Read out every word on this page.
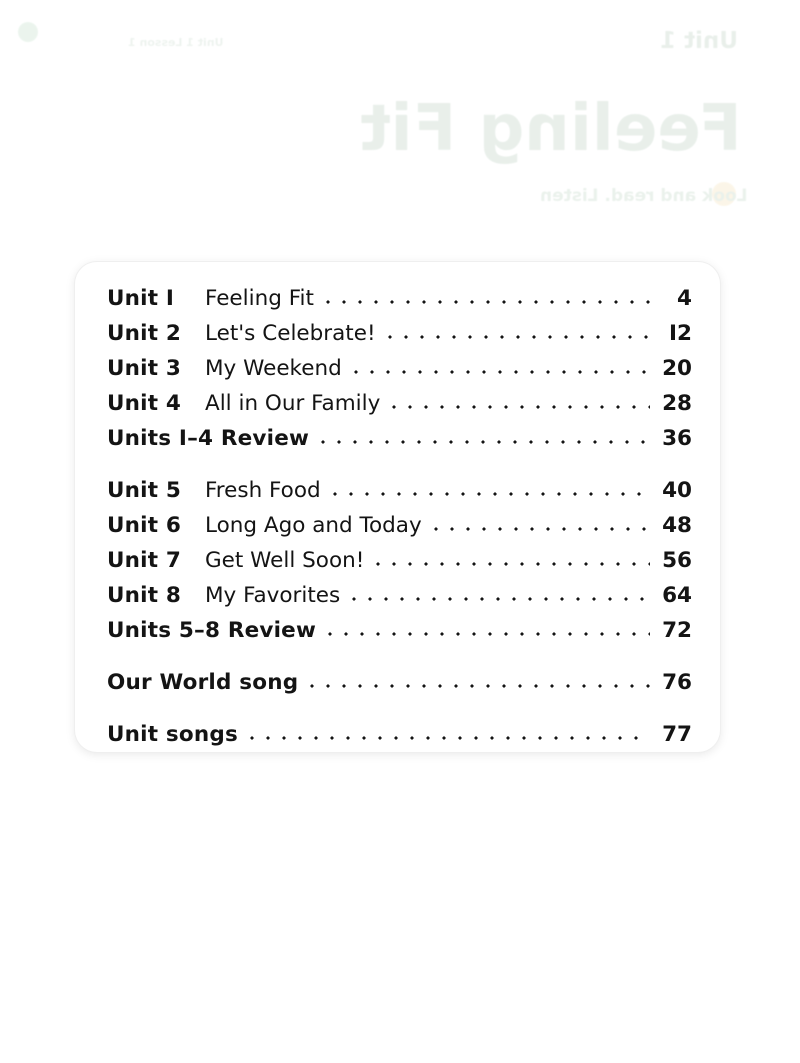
Unit 1 Lesson 1	Unit 1
Feeling Fit
Look and read. Listen
Unit I	Feeling Fit	4
Unit 2	Let's Celebrate!	I2
Unit 3	My Weekend	20
Unit 4	All in Our Family	28
Units I–4 Review	36
Unit 5	Fresh Food	40
Unit 6	Long Ago and Today	48
Unit 7	Get Well Soon!	56
Unit 8	My Favorites	64
Units 5–8 Review	72
Our World song	76
Unit songs	77
